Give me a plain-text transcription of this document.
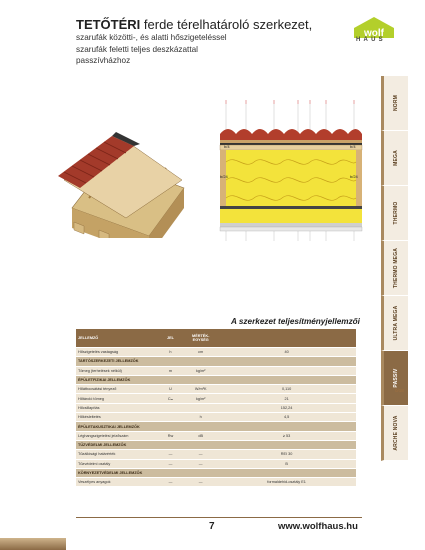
TETŐTÉRI ferde térelhatároló szerkezet,
szarufák közötti-, és alatti hőszigeteléssel
szarufák feletti teljes deszkázattal
passzívházhoz
wolf
HAUS
NORM
MEGA
THERMO
THERMO MEGA
ULTRA MEGA
PASSIV
ARCHE NOVA
0/18
b/4	b/4
b/24	b/24
A szerkezet teljesítményjellemzői
JELLEMZŐ	JEL	MÉRTÉK-EGYSÉG	
Hőszigetelés vastagság	h	cm	40
TARTÓSZERKEZETI JELLEMZŐK			
Tömeg (terhelések nélkül)	m	kg/m²	
ÉPÜLETFIZIKAI JELLEMZŐK			
Hőátbocsátási tényező	U	W/m²K	0,110
Hőtároló tömeg	Cₘ	kg/m²	21
Hőcsillapítás			152,24
Hőkésleltetés		h	4,5
ÉPÜLETAKUSZTIKAI JELLEMZŐK			
Léghangszigetelési jelzőszám	Rw	dB	≥ 53
TŰZVÉDELMI JELLEMZŐK			
Tűzállósági határérték	—	—	REI 30
Tűzvédelmi osztály	—	—	B
KÖRNYEZETVÉDELMI JELLEMZŐK			
Veszélyes anyagok	—	—	formaldehid-osztály E1
7	www.wolfhaus.hu
